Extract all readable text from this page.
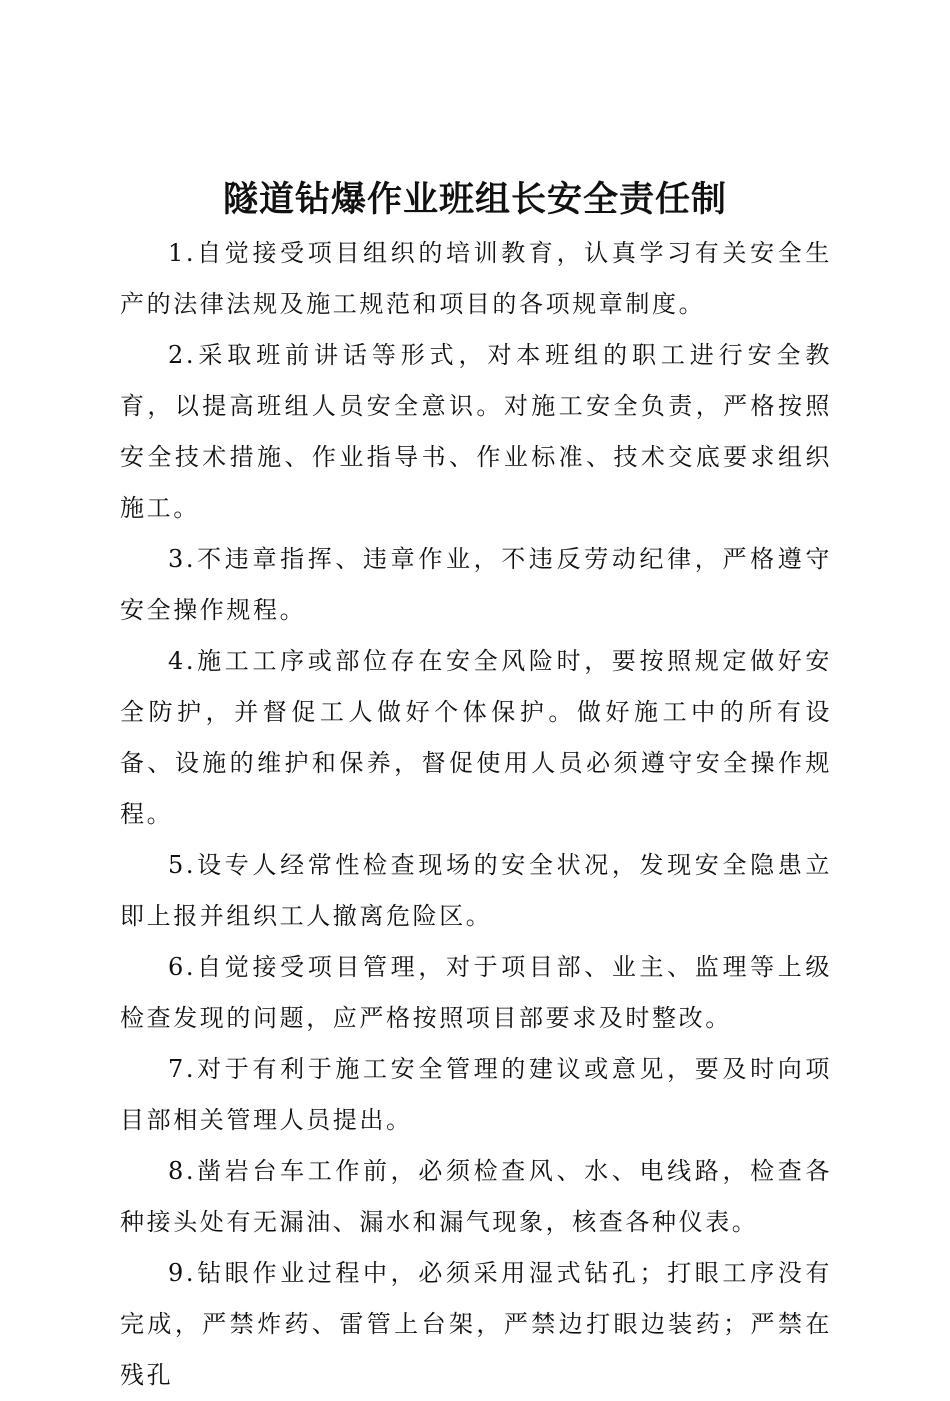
隧道钻爆作业班组长安全责任制

1.自觉接受项目组织的培训教育，认真学习有关安全生产的法律法规及施工规范和项目的各项规章制度。

2.采取班前讲话等形式，对本班组的职工进行安全教育，以提高班组人员安全意识。对施工安全负责，严格按照安全技术措施、作业指导书、作业标准、技术交底要求组织施工。

3.不违章指挥、违章作业，不违反劳动纪律，严格遵守安全操作规程。

4.施工工序或部位存在安全风险时，要按照规定做好安全防护，并督促工人做好个体保护。做好施工中的所有设备、设施的维护和保养，督促使用人员必须遵守安全操作规程。

5.设专人经常性检查现场的安全状况，发现安全隐患立即上报并组织工人撤离危险区。

6.自觉接受项目管理，对于项目部、业主、监理等上级检查发现的问题，应严格按照项目部要求及时整改。

7.对于有利于施工安全管理的建议或意见，要及时向项目部相关管理人员提出。

8.凿岩台车工作前，必须检查风、水、电线路，检查各种接头处有无漏油、漏水和漏气现象，核查各种仪表。

9.钻眼作业过程中，必须采用湿式钻孔；打眼工序没有完成，严禁炸药、雷管上台架，严禁边打眼边装药；严禁在残孔
